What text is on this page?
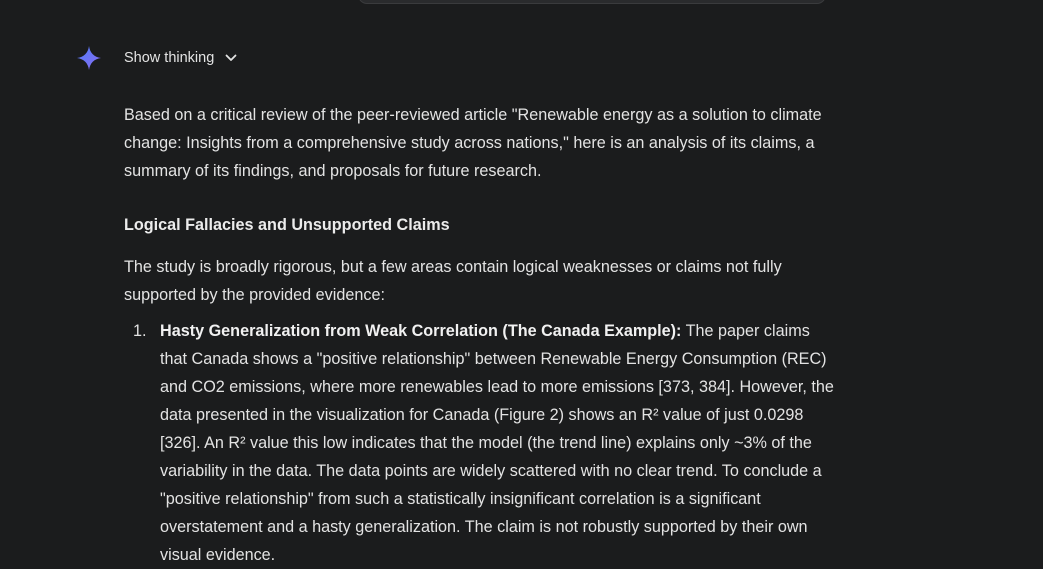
Show thinking

Based on a critical review of the peer-reviewed article "Renewable energy as a solution to climate change: Insights from a comprehensive study across nations," here is an analysis of its claims, a summary of its findings, and proposals for future research.

Logical Fallacies and Unsupported Claims

The study is broadly rigorous, but a few areas contain logical weaknesses or claims not fully supported by the provided evidence:

1. Hasty Generalization from Weak Correlation (The Canada Example): The paper claims that Canada shows a "positive relationship" between Renewable Energy Consumption (REC) and CO2 emissions, where more renewables lead to more emissions [373, 384]. However, the data presented in the visualization for Canada (Figure 2) shows an R² value of just 0.0298 [326]. An R² value this low indicates that the model (the trend line) explains only ~3% of the variability in the data. The data points are widely scattered with no clear trend. To conclude a "positive relationship" from such a statistically insignificant correlation is a significant overstatement and a hasty generalization. The claim is not robustly supported by their own visual evidence.
